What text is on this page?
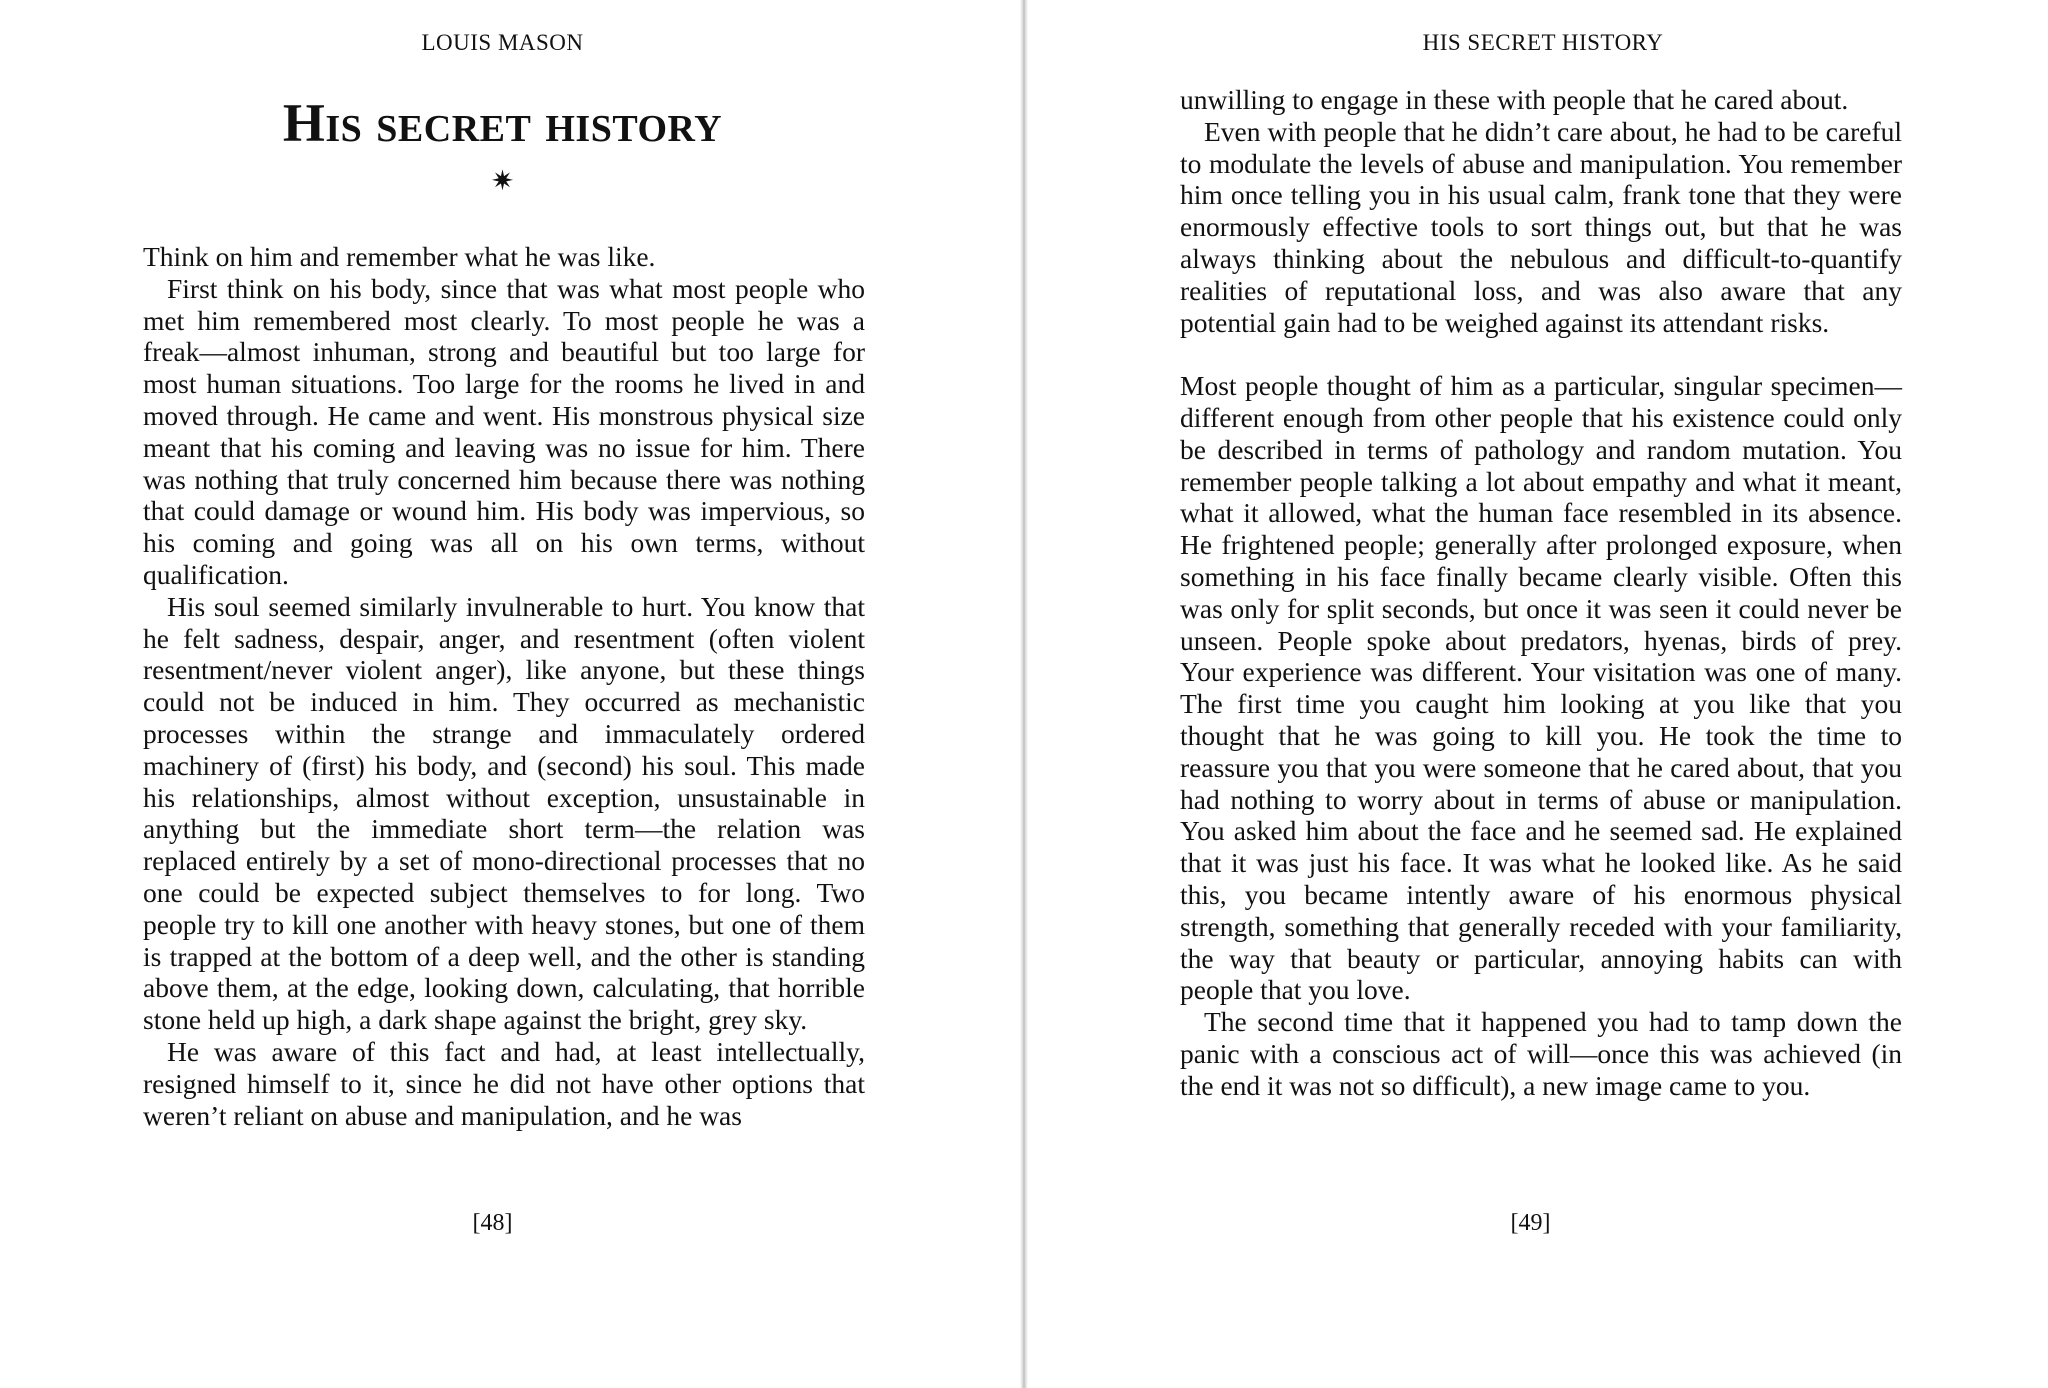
LOUIS MASON
His secret history
✷

Think on him and remember what he was like.

First think on his body, since that was what most people who met him remembered most clearly. To most people he was a freak—almost inhuman, strong and beautiful but too large for most human situations. Too large for the rooms he lived in and moved through. He came and went. His monstrous physical size meant that his coming and leaving was no issue for him. There was nothing that truly concerned him because there was nothing that could damage or wound him. His body was impervious, so his coming and going was all on his own terms, without qualification.

His soul seemed similarly invulnerable to hurt. You know that he felt sadness, despair, anger, and resentment (often violent resentment/never violent anger), like anyone, but these things could not be induced in him. They occurred as mechanistic processes within the strange and immaculately ordered machinery of (first) his body, and (second) his soul. This made his relationships, almost without exception, unsustainable in anything but the immediate short term—the relation was replaced entirely by a set of mono-directional processes that no one could be expected subject themselves to for long. Two people try to kill one another with heavy stones, but one of them is trapped at the bottom of a deep well, and the other is standing above them, at the edge, looking down, calculating, that horrible stone held up high, a dark shape against the bright, grey sky.

He was aware of this fact and had, at least intellectually, resigned himself to it, since he did not have other options that weren’t reliant on abuse and manipulation, and he was

[48]
HIS SECRET HISTORY

unwilling to engage in these with people that he cared about.

Even with people that he didn’t care about, he had to be careful to modulate the levels of abuse and manipulation. You remember him once telling you in his usual calm, frank tone that they were enormously effective tools to sort things out, but that he was always thinking about the nebulous and difficult-to-quantify realities of reputational loss, and was also aware that any potential gain had to be weighed against its attendant risks.

Most people thought of him as a particular, singular specimen—different enough from other people that his existence could only be described in terms of pathology and random mutation. You remember people talking a lot about empathy and what it meant, what it allowed, what the human face resembled in its absence. He frightened people; generally after prolonged exposure, when something in his face finally became clearly visible. Often this was only for split seconds, but once it was seen it could never be unseen. People spoke about predators, hyenas, birds of prey. Your experience was different. Your visitation was one of many. The first time you caught him looking at you like that you thought that he was going to kill you. He took the time to reassure you that you were someone that he cared about, that you had nothing to worry about in terms of abuse or manipulation. You asked him about the face and he seemed sad. He explained that it was just his face. It was what he looked like. As he said this, you became intently aware of his enormous physical strength, something that generally receded with your familiarity, the way that beauty or particular, annoying habits can with people that you love.

The second time that it happened you had to tamp down the panic with a conscious act of will—once this was achieved (in the end it was not so difficult), a new image came to you.

[49]
